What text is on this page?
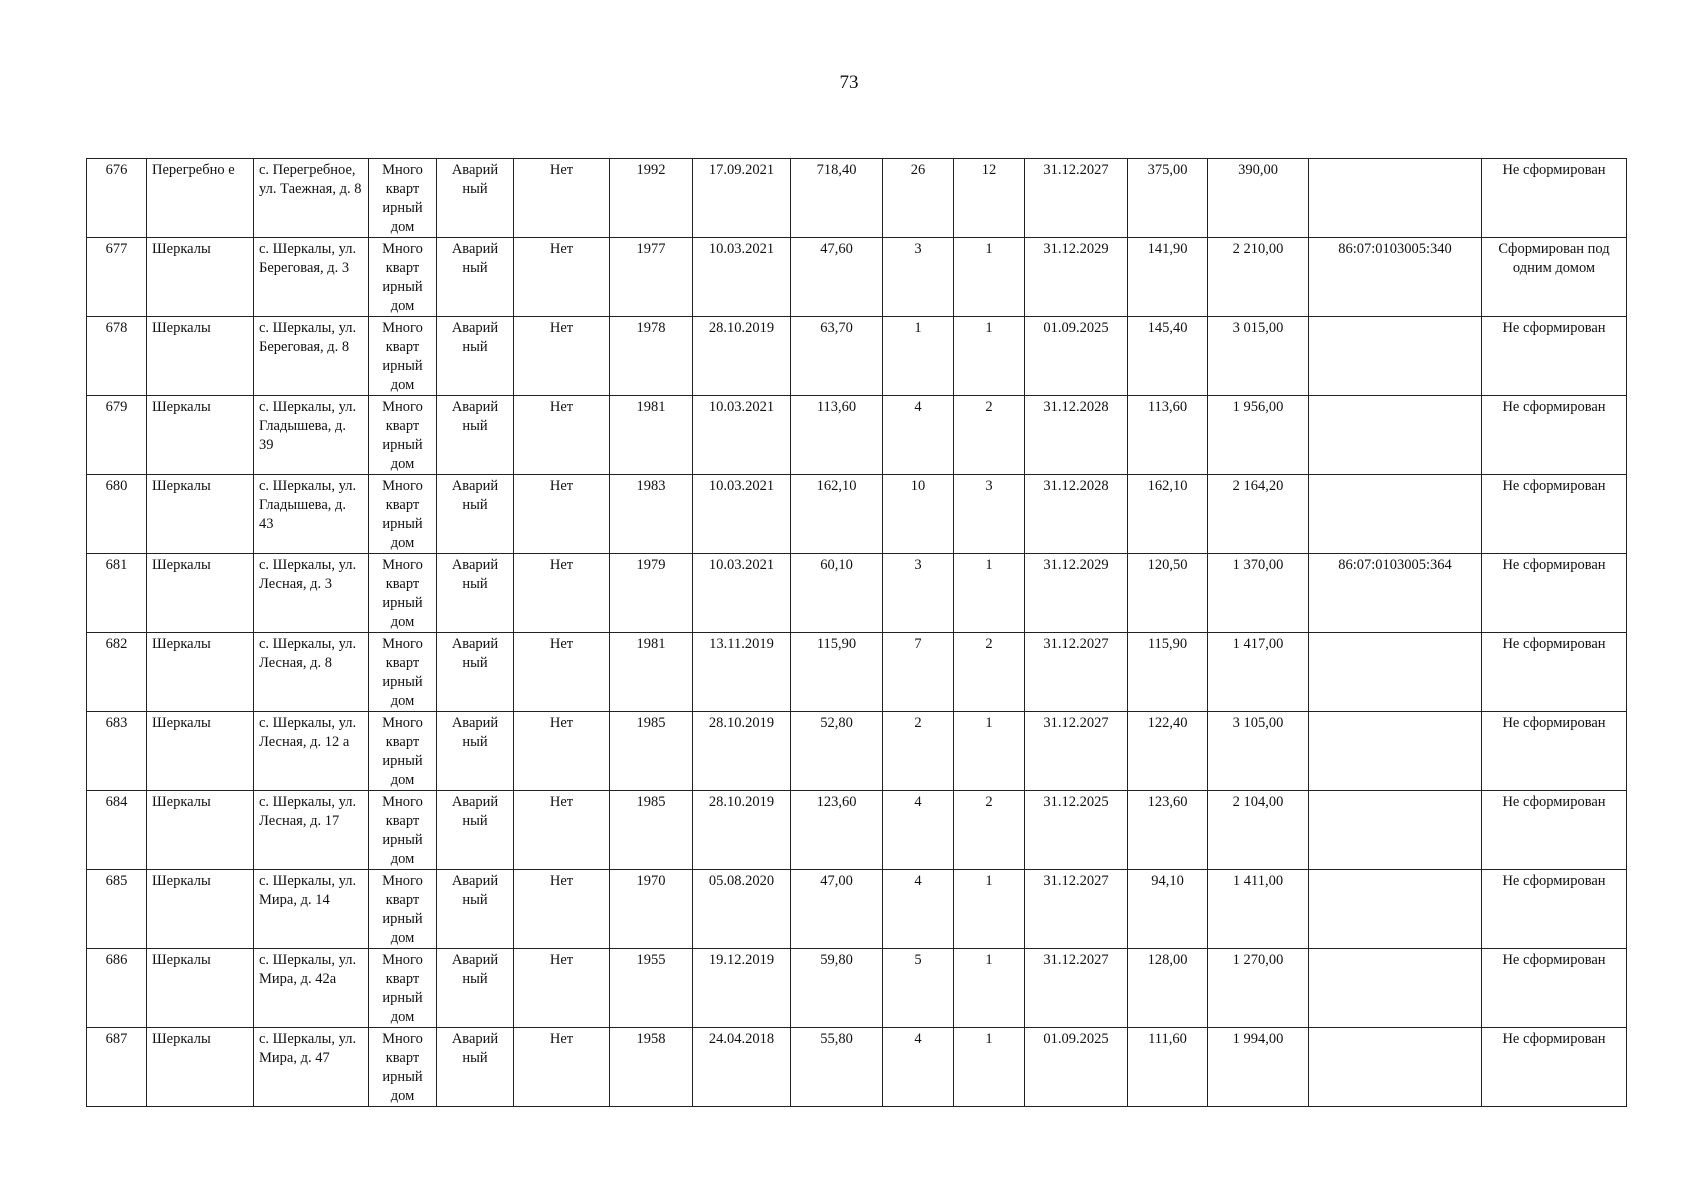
73
676	Перегребно е	с. Перегребное, ул. Таежная, д. 8	Много кварт ирный дом	Аварий ный	Нет	1992	17.09.2021	718,40	26	12	31.12.2027	375,00	390,00		Не сформирован
677	Шеркалы	с. Шеркалы, ул. Береговая, д. 3	Много кварт ирный дом	Аварий ный	Нет	1977	10.03.2021	47,60	3	1	31.12.2029	141,90	2 210,00	86:07:0103005:340	Сформирован под одним домом
678	Шеркалы	с. Шеркалы, ул. Береговая, д. 8	Много кварт ирный дом	Аварий ный	Нет	1978	28.10.2019	63,70	1	1	01.09.2025	145,40	3 015,00		Не сформирован
679	Шеркалы	с. Шеркалы, ул. Гладышева, д. 39	Много кварт ирный дом	Аварий ный	Нет	1981	10.03.2021	113,60	4	2	31.12.2028	113,60	1 956,00		Не сформирован
680	Шеркалы	с. Шеркалы, ул. Гладышева, д. 43	Много кварт ирный дом	Аварий ный	Нет	1983	10.03.2021	162,10	10	3	31.12.2028	162,10	2 164,20		Не сформирован
681	Шеркалы	с. Шеркалы, ул. Лесная, д. 3	Много кварт ирный дом	Аварий ный	Нет	1979	10.03.2021	60,10	3	1	31.12.2029	120,50	1 370,00	86:07:0103005:364	Не сформирован
682	Шеркалы	с. Шеркалы, ул. Лесная, д. 8	Много кварт ирный дом	Аварий ный	Нет	1981	13.11.2019	115,90	7	2	31.12.2027	115,90	1 417,00		Не сформирован
683	Шеркалы	с. Шеркалы, ул. Лесная, д. 12 а	Много кварт ирный дом	Аварий ный	Нет	1985	28.10.2019	52,80	2	1	31.12.2027	122,40	3 105,00		Не сформирован
684	Шеркалы	с. Шеркалы, ул. Лесная, д. 17	Много кварт ирный дом	Аварий ный	Нет	1985	28.10.2019	123,60	4	2	31.12.2025	123,60	2 104,00		Не сформирован
685	Шеркалы	с. Шеркалы, ул. Мира, д. 14	Много кварт ирный дом	Аварий ный	Нет	1970	05.08.2020	47,00	4	1	31.12.2027	94,10	1 411,00		Не сформирован
686	Шеркалы	с. Шеркалы, ул. Мира, д. 42а	Много кварт ирный дом	Аварий ный	Нет	1955	19.12.2019	59,80	5	1	31.12.2027	128,00	1 270,00		Не сформирован
687	Шеркалы	с. Шеркалы, ул. Мира, д. 47	Много кварт ирный дом	Аварий ный	Нет	1958	24.04.2018	55,80	4	1	01.09.2025	111,60	1 994,00		Не сформирован
